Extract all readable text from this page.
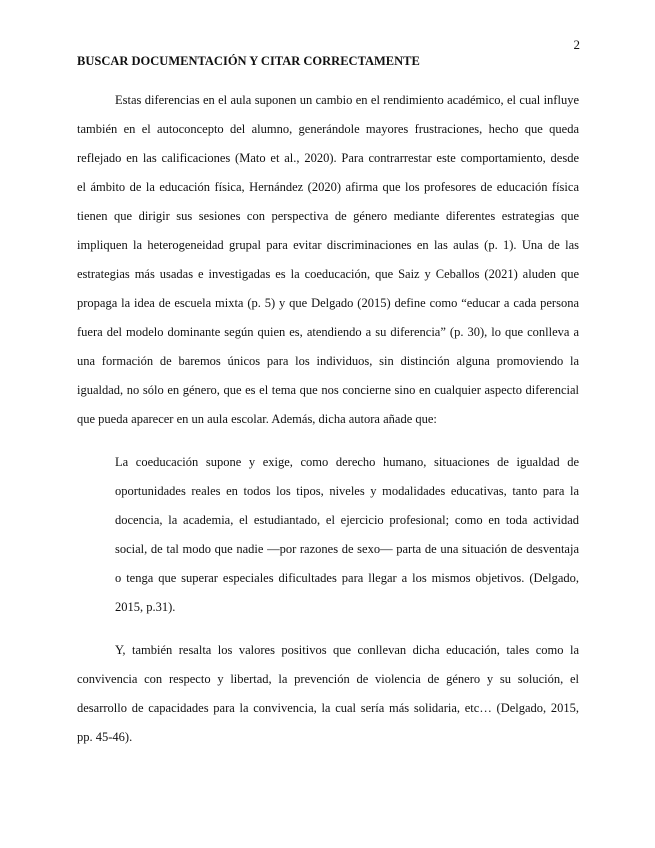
2
BUSCAR DOCUMENTACIÓN Y CITAR CORRECTAMENTE

Estas diferencias en el aula suponen un cambio en el rendimiento académico, el cual influye

también en el autoconcepto del alumno, generándole mayores frustraciones, hecho que queda

reflejado en las calificaciones (Mato et al., 2020). Para contrarrestar este comportamiento, desde

el ámbito de la educación física, Hernández (2020) afirma que los profesores de educación física

tienen que dirigir sus sesiones con perspectiva de género mediante diferentes estrategias que

impliquen la heterogeneidad grupal para evitar discriminaciones en las aulas (p. 1). Una de las

estrategias más usadas e investigadas es la coeducación, que Saiz y Ceballos (2021) aluden que

propaga la idea de escuela mixta (p. 5) y que Delgado (2015) define como “educar a cada persona

fuera del modelo dominante según quien es, atendiendo a su diferencia” (p. 30), lo que conlleva a

una formación de baremos únicos para los individuos, sin distinción alguna promoviendo la

igualdad, no sólo en género, que es el tema que nos concierne sino en cualquier aspecto diferencial

que pueda aparecer en un aula escolar. Además, dicha autora añade que:

La coeducación supone y exige, como derecho humano, situaciones de igualdad de

oportunidades reales en todos los tipos, niveles y modalidades educativas, tanto para la

docencia, la academia, el estudiantado, el ejercicio profesional; como en toda actividad

social, de tal modo que nadie —por razones de sexo— parta de una situación de desventaja

o tenga que superar especiales dificultades para llegar a los mismos objetivos. (Delgado,

2015, p.31).

Y, también resalta los valores positivos que conllevan dicha educación, tales como la

convivencia con respecto y libertad, la prevención de violencia de género y su solución, el

desarrollo de capacidades para la convivencia, la cual sería más solidaria, etc… (Delgado, 2015,

pp. 45-46).
